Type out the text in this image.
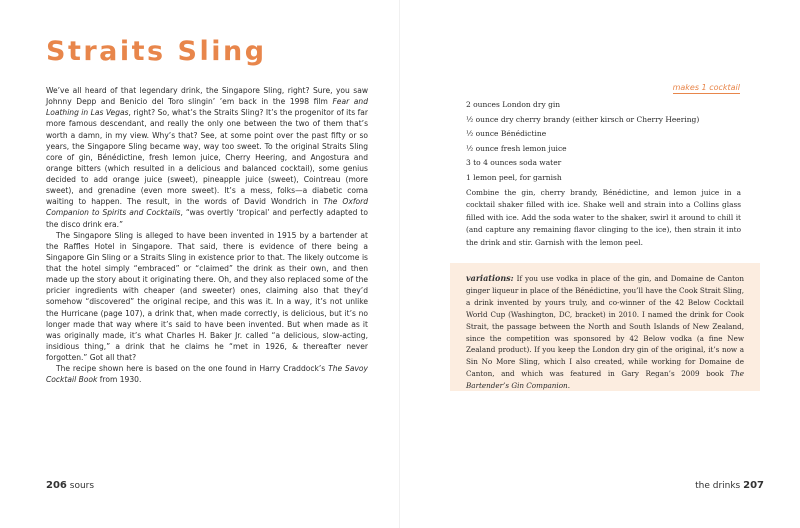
Straits Sling

We’ve all heard of that legendary drink, the Singapore Sling, right? Sure, you saw Johnny Depp and Benicio del Toro slingin’ ’em back in the 1998 film Fear and Loathing in Las Vegas, right? So, what’s the Straits Sling? It’s the progenitor of its far more famous descendant, and really the only one between the two of them that’s worth a damn, in my view. Why’s that? See, at some point over the past fifty or so years, the Singapore Sling became way, way too sweet. To the original Straits Sling core of gin, Bénédictine, fresh lemon juice, Cherry Heering, and Angostura and orange bitters (which resulted in a delicious and balanced cocktail), some genius decided to add orange juice (sweet), pineapple juice (sweet), Cointreau (more sweet), and grenadine (even more sweet). It’s a mess, folks—a diabetic coma waiting to happen. The result, in the words of David Wondrich in The Oxford Companion to Spirits and Cocktails, “was overtly ‘tropical’ and perfectly adapted to the disco drink era.”

The Singapore Sling is alleged to have been invented in 1915 by a bartender at the Raffles Hotel in Singapore. That said, there is evidence of there being a Singapore Gin Sling or a Straits Sling in existence prior to that. The likely outcome is that the hotel simply “embraced” or “claimed” the drink as their own, and then made up the story about it originating there. Oh, and they also replaced some of the pricier ingredients with cheaper (and sweeter) ones, claiming also that they’d somehow “discovered” the original recipe, and this was it. In a way, it’s not unlike the Hurricane (page 107), a drink that, when made correctly, is delicious, but it’s no longer made that way where it’s said to have been invented. But when made as it was originally made, it’s what Charles H. Baker Jr. called “a delicious, slow-acting, insidious thing,” a drink that he claims he “met in 1926, & thereafter never forgotten.” Got all that?

The recipe shown here is based on the one found in Harry Craddock’s The Savoy Cocktail Book from 1930.

206 sours
makes 1 cocktail
2 ounces London dry gin
½ ounce dry cherry brandy (either kirsch or Cherry Heering)
½ ounce Bénédictine
½ ounce fresh lemon juice
3 to 4 ounces soda water
1 lemon peel, for garnish

Combine the gin, cherry brandy, Bénédictine, and lemon juice in a cocktail shaker filled with ice. Shake well and strain into a Collins glass filled with ice. Add the soda water to the shaker, swirl it around to chill it (and capture any remaining flavor clinging to the ice), then strain it into the drink and stir. Garnish with the lemon peel.

variations: If you use vodka in place of the gin, and Domaine de Canton ginger liqueur in place of the Bénédictine, you’ll have the Cook Strait Sling, a drink invented by yours truly, and co-winner of the 42 Below Cocktail World Cup (Washington, DC, bracket) in 2010. I named the drink for Cook Strait, the passage between the North and South Islands of New Zealand, since the competition was sponsored by 42 Below vodka (a fine New Zealand product). If you keep the London dry gin of the original, it’s now a Sin No More Sling, which I also created, while working for Domaine de Canton, and which was featured in Gary Regan’s 2009 book The Bartender’s Gin Companion.

the drinks 207
